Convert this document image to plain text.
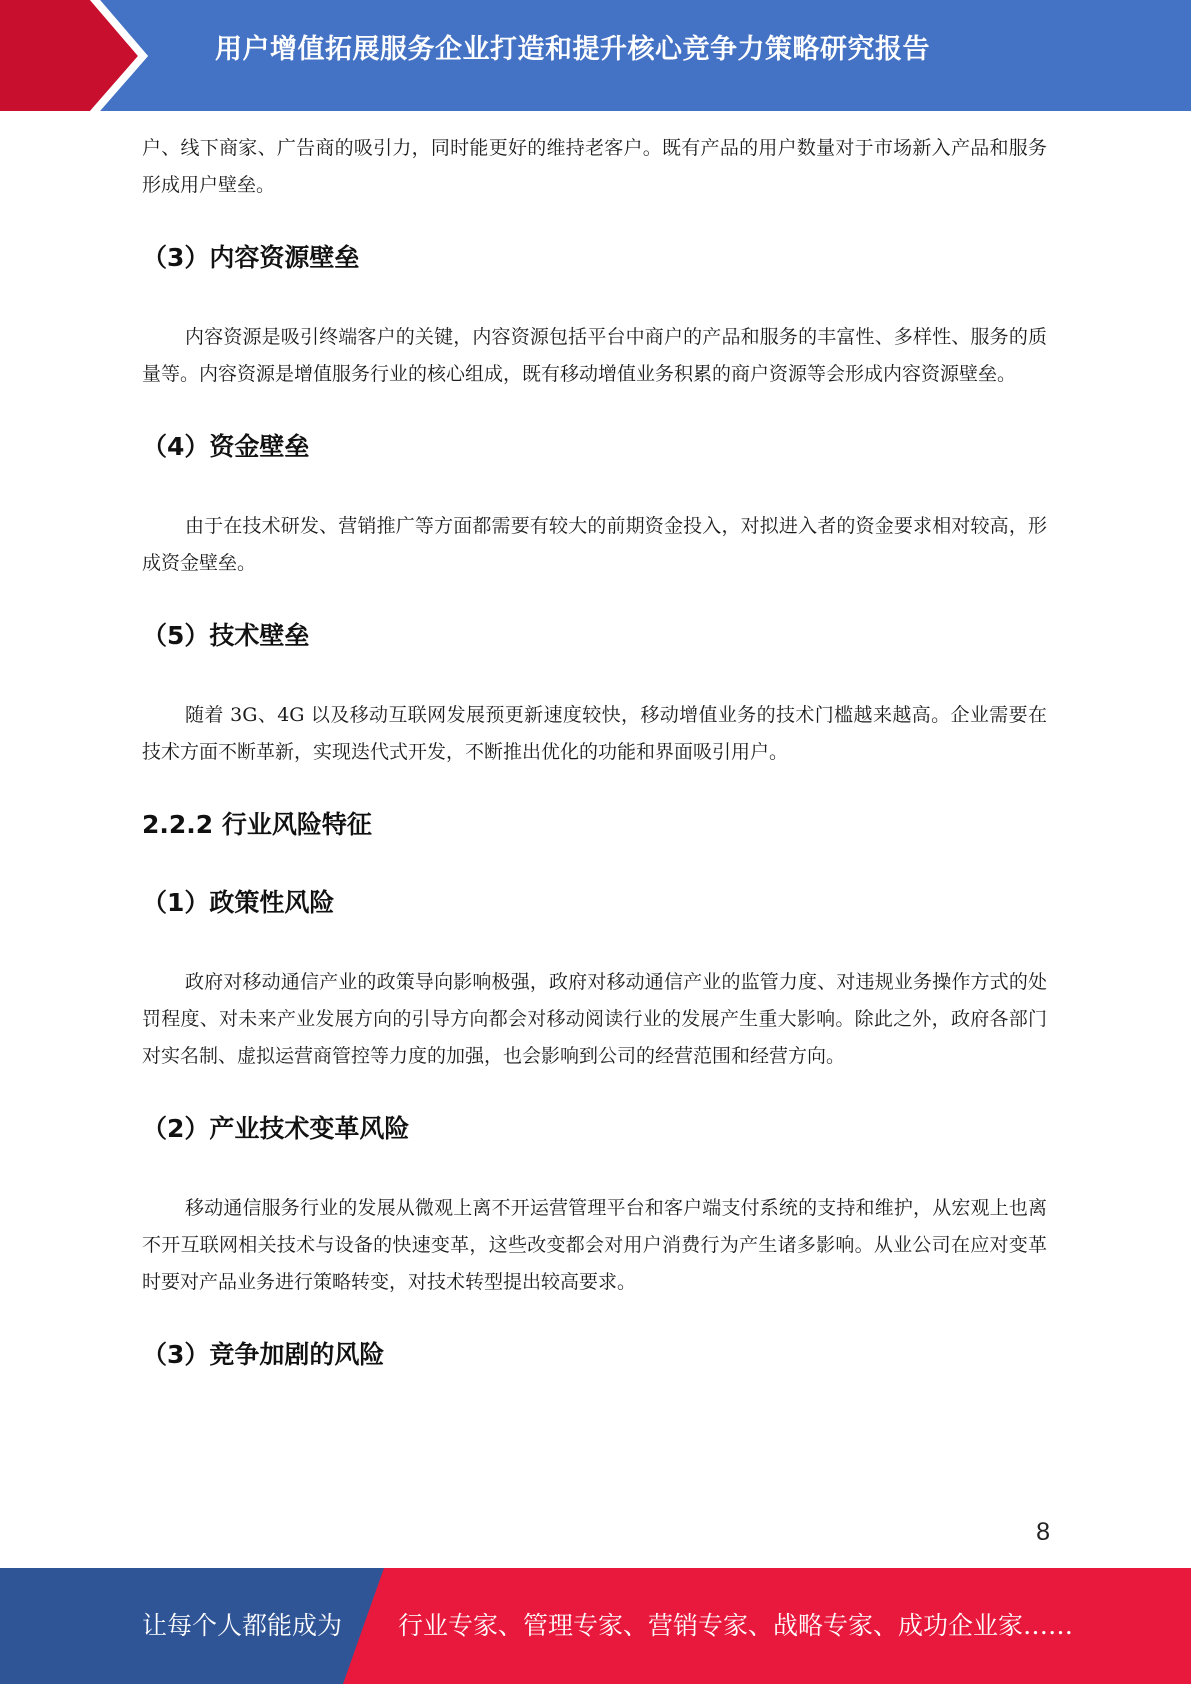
用户增值拓展服务企业打造和提升核心竞争力策略研究报告

户、线下商家、广告商的吸引力，同时能更好的维持老客户。既有产品的用户数量对于市场新入产品和服务形成用户壁垒。

（3）内容资源壁垒

内容资源是吸引终端客户的关键，内容资源包括平台中商户的产品和服务的丰富性、多样性、服务的质量等。内容资源是增值服务行业的核心组成，既有移动增值业务积累的商户资源等会形成内容资源壁垒。

（4）资金壁垒

由于在技术研发、营销推广等方面都需要有较大的前期资金投入，对拟进入者的资金要求相对较高，形成资金壁垒。

（5）技术壁垒

随着 3G、4G 以及移动互联网发展预更新速度较快，移动增值业务的技术门槛越来越高。企业需要在技术方面不断革新，实现迭代式开发，不断推出优化的功能和界面吸引用户。

2.2.2 行业风险特征
（1）政策性风险

政府对移动通信产业的政策导向影响极强，政府对移动通信产业的监管力度、对违规业务操作方式的处罚程度、对未来产业发展方向的引导方向都会对移动阅读行业的发展产生重大影响。除此之外，政府各部门对实名制、虚拟运营商管控等力度的加强，也会影响到公司的经营范围和经营方向。

（2）产业技术变革风险

移动通信服务行业的发展从微观上离不开运营管理平台和客户端支付系统的支持和维护，从宏观上也离不开互联网相关技术与设备的快速变革，这些改变都会对用户消费行为产生诸多影响。从业公司在应对变革时要对产品业务进行策略转变，对技术转型提出较高要求。

（3）竞争加剧的风险
8
让每个人都能成为 行业专家、管理专家、营销专家、战略专家、成功企业家……
